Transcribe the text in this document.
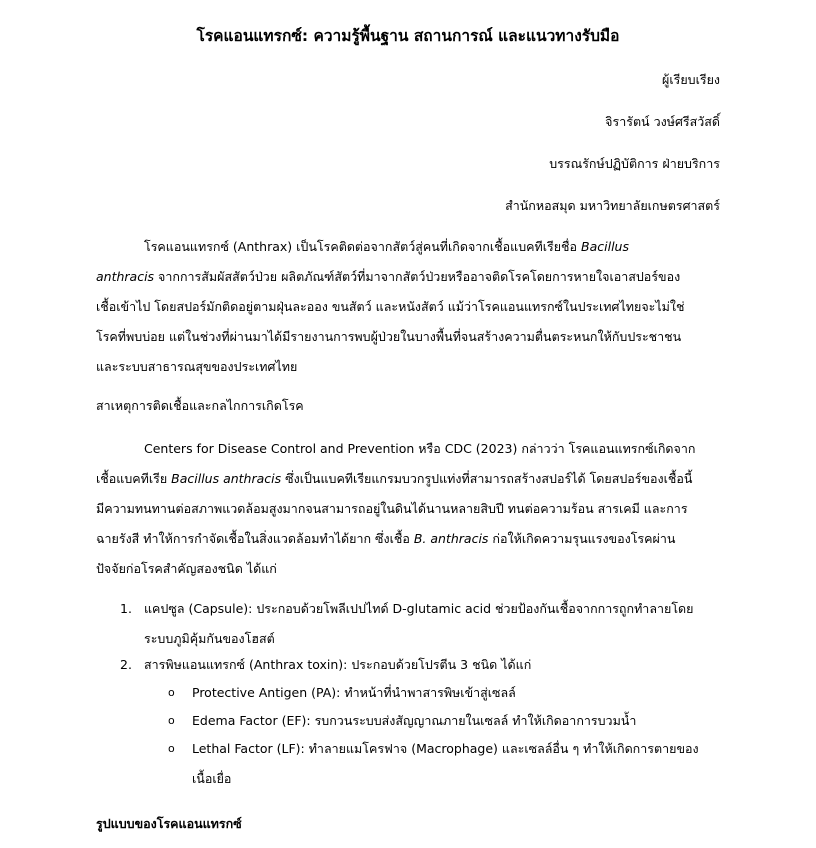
โรคแอนแทรกซ์: ความรู้พื้นฐาน สถานการณ์ และแนวทางรับมือ
ผู้เรียบเรียง
จิรารัตน์ วงษ์ศรีสวัสดิ์
บรรณรักษ์ปฏิบัติการ ฝ่ายบริการ
สำนักหอสมุด มหาวิทยาลัยเกษตรศาสตร์
โรคแอนแทรกซ์ (Anthrax) เป็นโรคติดต่อจากสัตว์สู่คนที่เกิดจากเชื้อแบคทีเรียชื่อ Bacillus
anthracis จากการสัมผัสสัตว์ป่วย ผลิตภัณฑ์สัตว์ที่มาจากสัตว์ป่วยหรืออาจติดโรคโดยการหายใจเอาสปอร์ของ
เชื้อเข้าไป โดยสปอร์มักติดอยู่ตามฝุ่นละออง ขนสัตว์ และหนังสัตว์ แม้ว่าโรคแอนแทรกซ์ในประเทศไทยจะไม่ใช่
โรคที่พบบ่อย แต่ในช่วงที่ผ่านมาได้มีรายงานการพบผู้ป่วยในบางพื้นที่จนสร้างความตื่นตระหนกให้กับประชาชน
และระบบสาธารณสุขของประเทศไทย
สาเหตุการติดเชื้อและกลไกการเกิดโรค
Centers for Disease Control and Prevention หรือ CDC (2023) กล่าวว่า โรคแอนแทรกซ์เกิดจาก
เชื้อแบคทีเรีย Bacillus anthracis ซึ่งเป็นแบคทีเรียแกรมบวกรูปแท่งที่สามารถสร้างสปอร์ได้ โดยสปอร์ของเชื้อนี้
มีความทนทานต่อสภาพแวดล้อมสูงมากจนสามารถอยู่ในดินได้นานหลายสิบปี ทนต่อความร้อน สารเคมี และการ
ฉายรังสี ทำให้การกำจัดเชื้อในสิ่งแวดล้อมทำได้ยาก ซึ่งเชื้อ B. anthracis ก่อให้เกิดความรุนแรงของโรคผ่าน
ปัจจัยก่อโรคสำคัญสองชนิด ได้แก่
1. แคปซูล (Capsule): ประกอบด้วยโพลีเปปไทด์ D-glutamic acid ช่วยป้องกันเชื้อจากการถูกทำลายโดย
ระบบภูมิคุ้มกันของโฮสต์
2. สารพิษแอนแทรกซ์ (Anthrax toxin): ประกอบด้วยโปรตีน 3 ชนิด ได้แก่
o Protective Antigen (PA): ทำหน้าที่นำพาสารพิษเข้าสู่เซลล์
o Edema Factor (EF): รบกวนระบบส่งสัญญาณภายในเซลล์ ทำให้เกิดอาการบวมน้ำ
o Lethal Factor (LF): ทำลายแมโครฟาจ (Macrophage) และเซลล์อื่น ๆ ทำให้เกิดการตายของ
เนื้อเยื่อ
รูปแบบของโรคแอนแทรกซ์
